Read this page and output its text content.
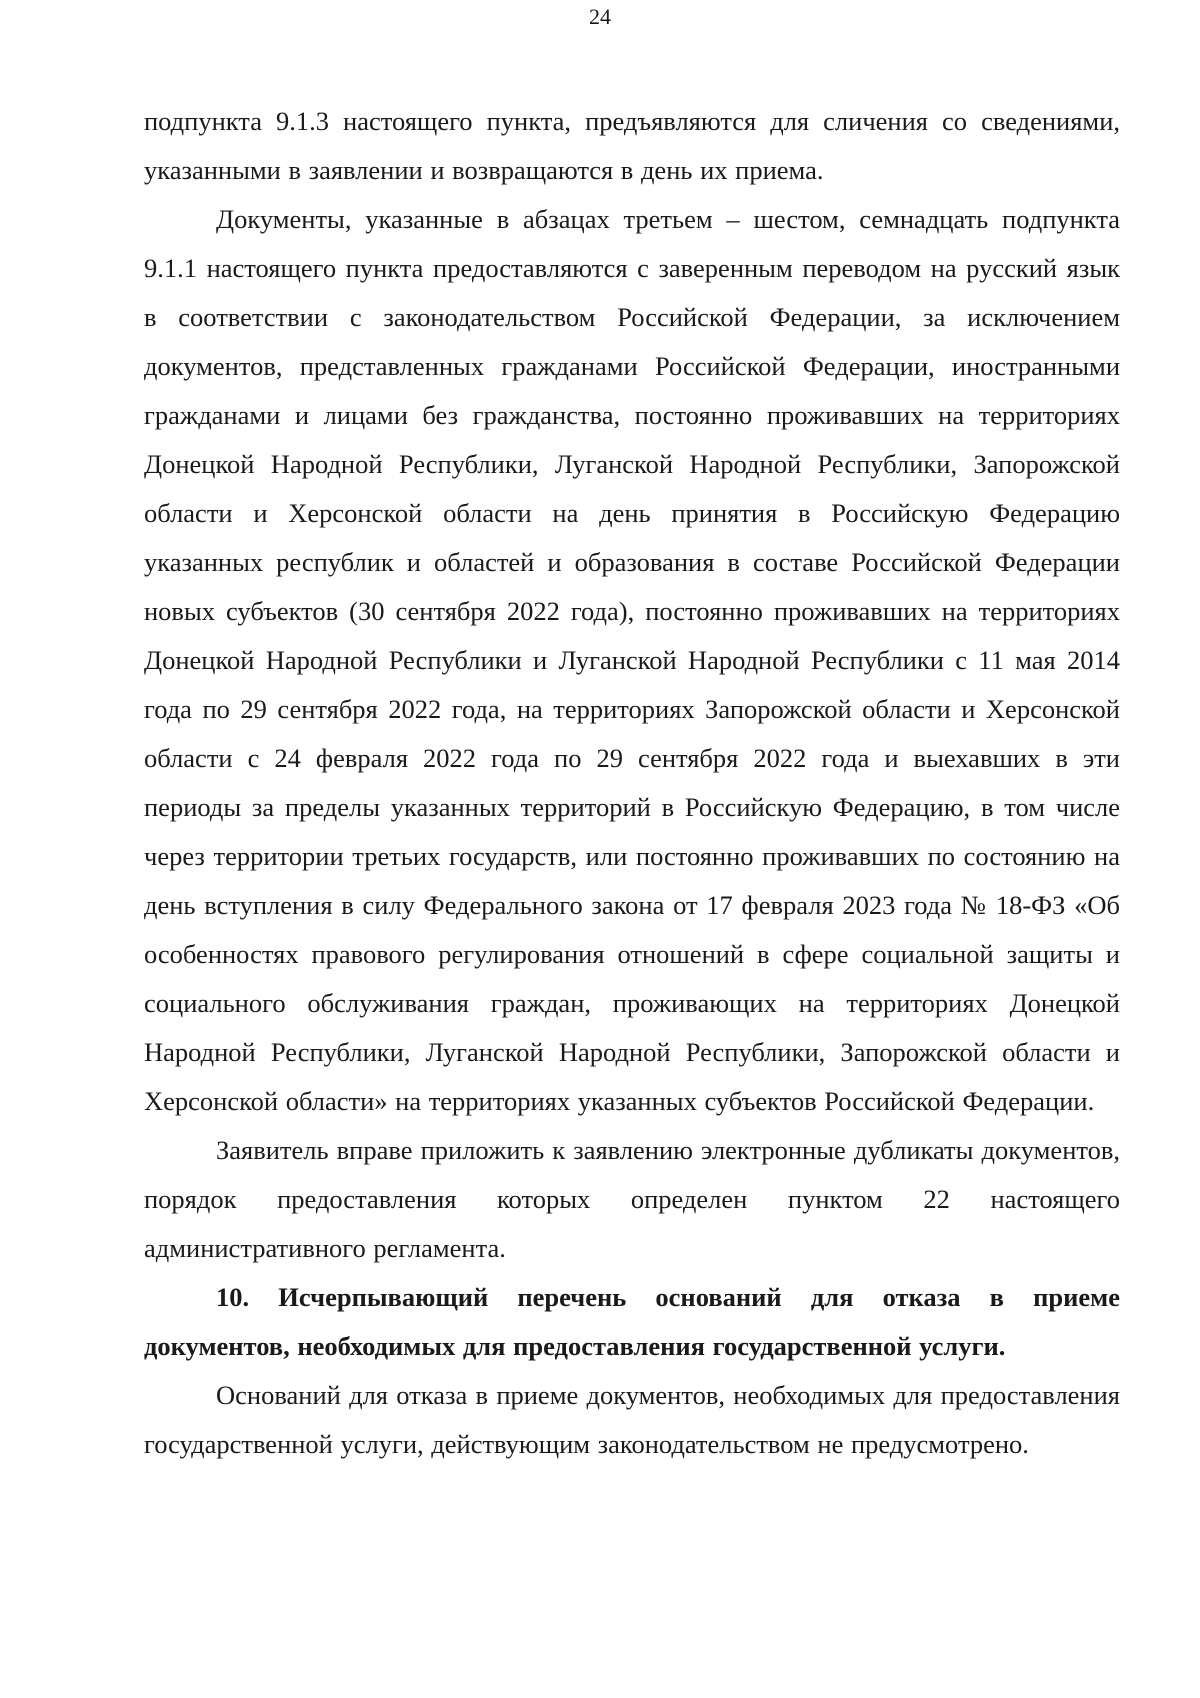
24

подпункта 9.1.3 настоящего пункта, предъявляются для сличения со сведениями, указанными в заявлении и возвращаются в день их приема.

Документы, указанные в абзацах третьем – шестом, семнадцать подпункта 9.1.1 настоящего пункта предоставляются с заверенным переводом на русский язык в соответствии с законодательством Российской Федерации, за исключением документов, представленных гражданами Российской Федерации, иностранными гражданами и лицами без гражданства, постоянно проживавших на территориях Донецкой Народной Республики, Луганской Народной Республики, Запорожской области и Херсонской области на день принятия в Российскую Федерацию указанных республик и областей и образования в составе Российской Федерации новых субъектов (30 сентября 2022 года), постоянно проживавших на территориях Донецкой Народной Республики и Луганской Народной Республики с 11 мая 2014 года по 29 сентября 2022 года, на территориях Запорожской области и Херсонской области с 24 февраля 2022 года по 29 сентября 2022 года и выехавших в эти периоды за пределы указанных территорий в Российскую Федерацию, в том числе через территории третьих государств, или постоянно проживавших по состоянию на день вступления в силу Федерального закона от 17 февраля 2023 года № 18-ФЗ «Об особенностях правового регулирования отношений в сфере социальной защиты и социального обслуживания граждан, проживающих на территориях Донецкой Народной Республики, Луганской Народной Республики, Запорожской области и Херсонской области» на территориях указанных субъектов Российской Федерации.

Заявитель вправе приложить к заявлению электронные дубликаты документов, порядок предоставления которых определен пунктом 22 настоящего административного регламента.

10. Исчерпывающий перечень оснований для отказа в приеме документов, необходимых для предоставления государственной услуги.

Оснований для отказа в приеме документов, необходимых для предоставления государственной услуги, действующим законодательством не предусмотрено.
